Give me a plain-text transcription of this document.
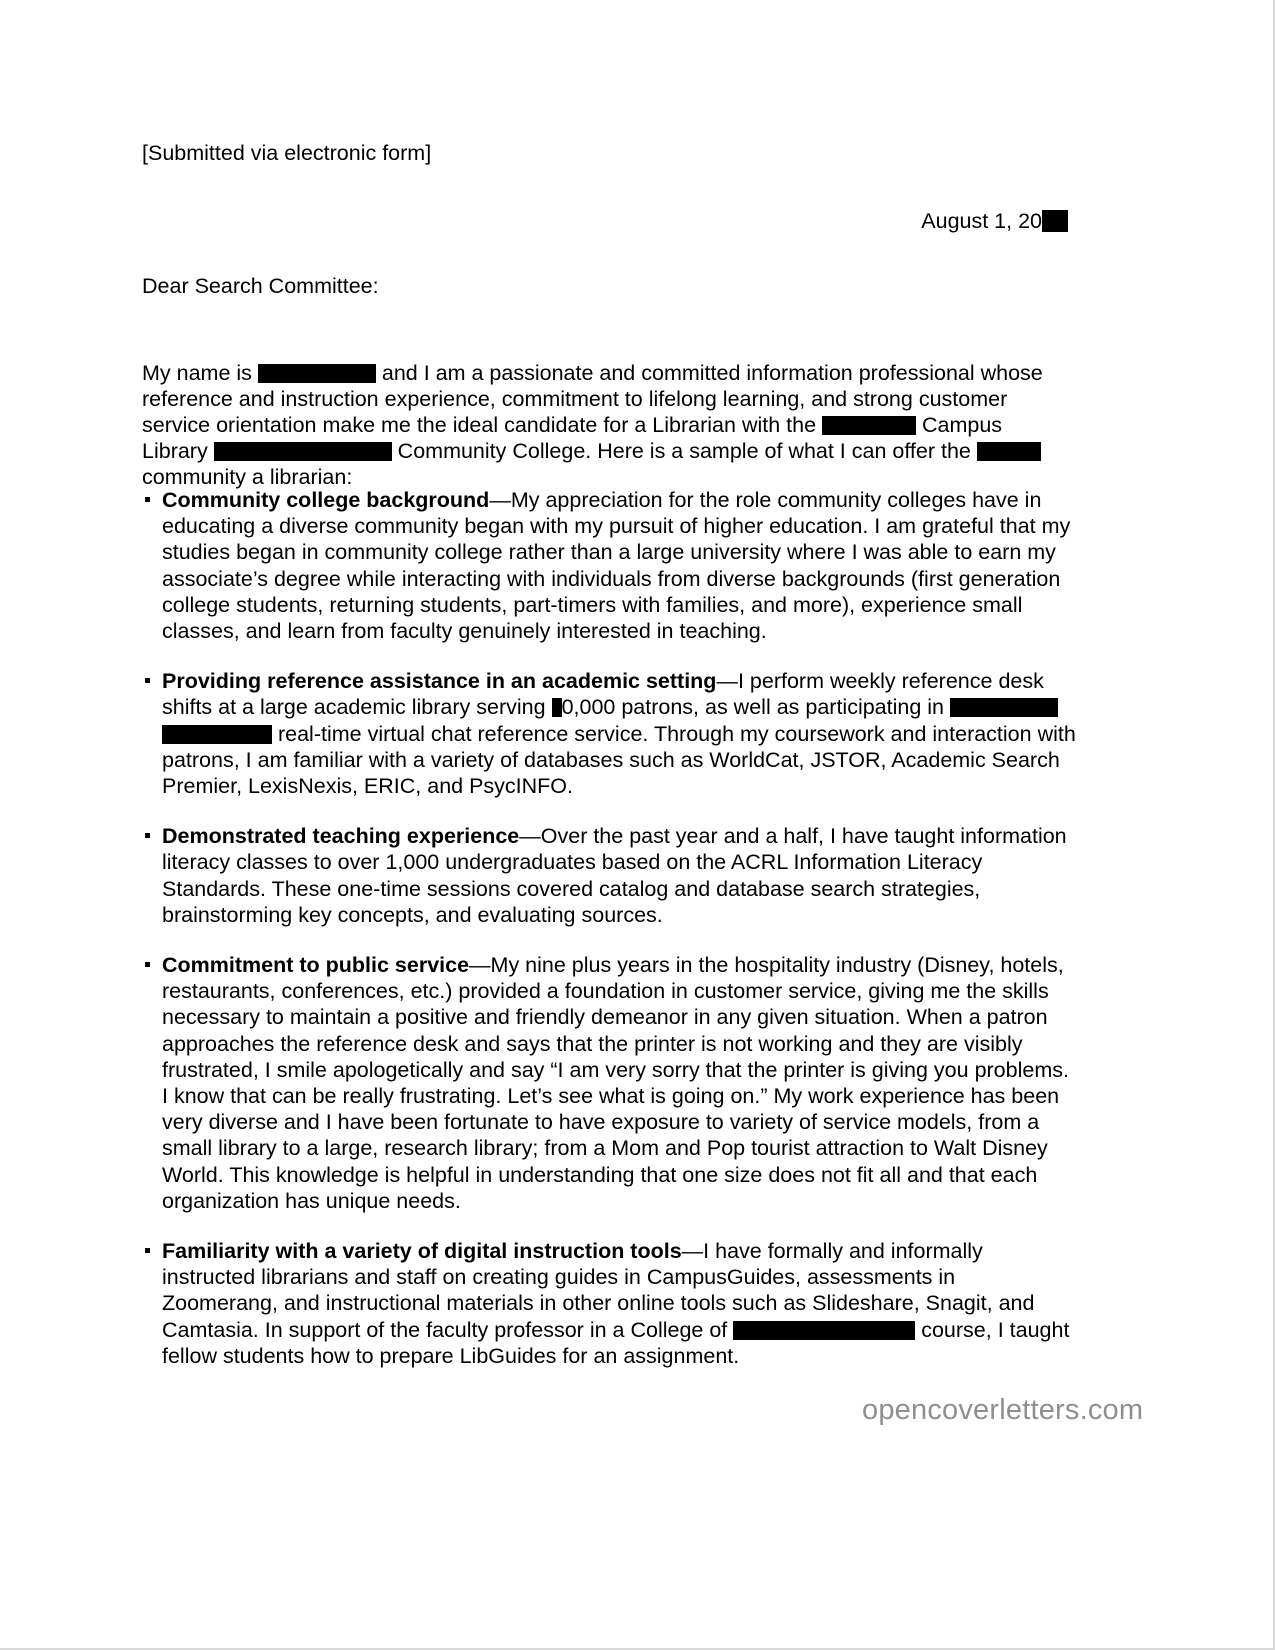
[Submitted via electronic form]
August 1, 20
Dear Search Committee:

My name is	and I am a passionate and committed information professional whose reference and instruction experience, commitment to lifelong learning, and strong customer service orientation make me the ideal candidate for a Librarian with the	Campus Library	Community College. Here is a sample of what I can offer the  community a librarian:

Community college background—My appreciation for the role community colleges have in educating a diverse community began with my pursuit of higher education. I am grateful that my studies began in community college rather than a large university where I was able to earn my associate’s degree while interacting with individuals from diverse backgrounds (first generation college students, returning students, part-timers with families, and more), experience small classes, and learn from faculty genuinely interested in teaching.
Providing reference assistance in an academic setting—I perform weekly reference desk shifts at a large academic library serving 0,000 patrons, as well as participating in  real-time virtual chat reference service. Through my coursework and interaction with patrons, I am familiar with a variety of databases such as WorldCat, JSTOR, Academic Search Premier, LexisNexis, ERIC, and PsycINFO.
Demonstrated teaching experience—Over the past year and a half, I have taught information literacy classes to over 1,000 undergraduates based on the ACRL Information Literacy Standards. These one-time sessions covered catalog and database search strategies, brainstorming key concepts, and evaluating sources.
Commitment to public service—My nine plus years in the hospitality industry (Disney, hotels, restaurants, conferences, etc.) provided a foundation in customer service, giving me the skills necessary to maintain a positive and friendly demeanor in any given situation. When a patron approaches the reference desk and says that the printer is not working and they are visibly frustrated, I smile apologetically and say “I am very sorry that the printer is giving you problems. I know that can be really frustrating. Let’s see what is going on.” My work experience has been very diverse and I have been fortunate to have exposure to variety of service models, from a small library to a large, research library; from a Mom and Pop tourist attraction to Walt Disney World. This knowledge is helpful in understanding that one size does not fit all and that each organization has unique needs.
Familiarity with a variety of digital instruction tools—I have formally and informally instructed librarians and staff on creating guides in CampusGuides, assessments in Zoomerang, and instructional materials in other online tools such as Slideshare, Snagit, and Camtasia. In support of the faculty professor in a College of	course, I taught fellow students how to prepare LibGuides for an assignment.
opencoverletters.com
